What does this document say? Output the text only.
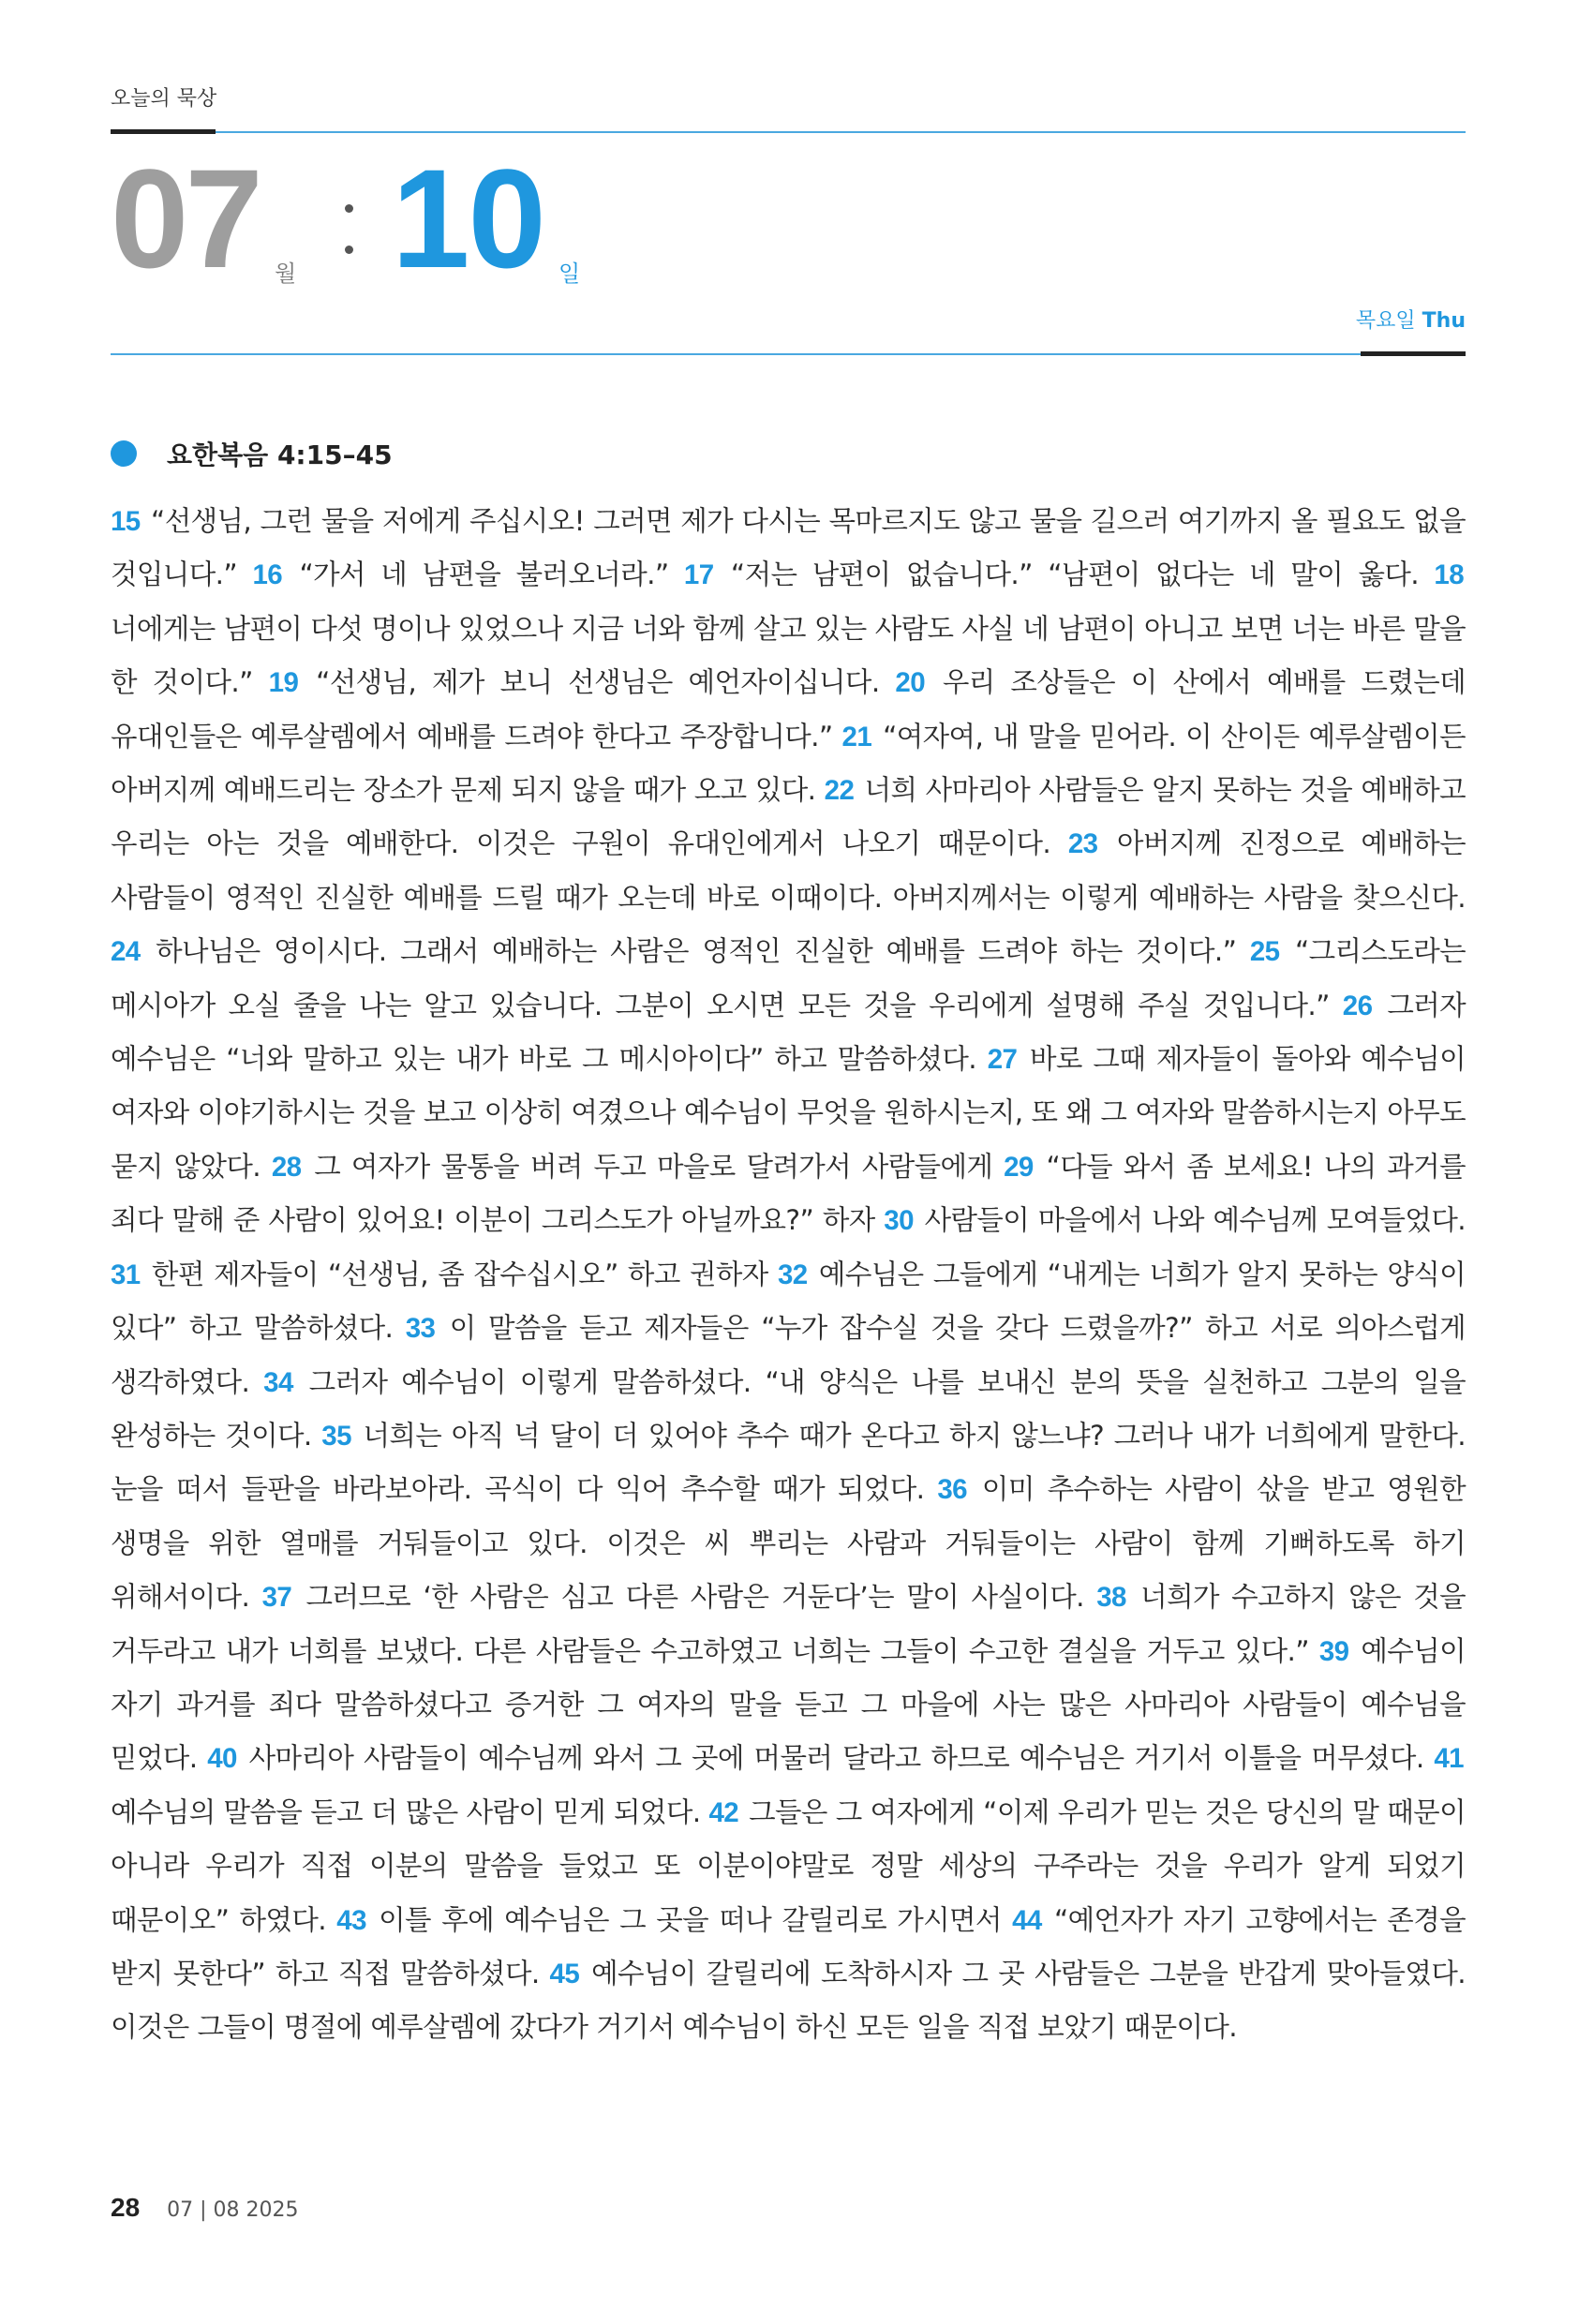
오늘의 묵상
07 월 10 일
목요일 Thu
요한복음 4:15–45
15 “선생님, 그런 물을 저에게 주십시오! 그러면 제가 다시는 목마르지도 않고 물을 길으러 여기까지 올 필요도 없을 것입니다.” 16 “가서 네 남편을 불러오너라.” 17 “저는 남편이 없습니다.” “남편이 없다는 네 말이 옳다. 18 너에게는 남편이 다섯 명이나 있었으나 지금 너와 함께 살고 있는 사람도 사실 네 남편이 아니고 보면 너는 바른 말을 한 것이다.” 19 “선생님, 제가 보니 선생님은 예언자이십니다. 20 우리 조상들은 이 산에서 예배를 드렸는데 유대인들은 예루살렘에서 예배를 드려야 한다고 주장합니다.” 21 “여자여, 내 말을 믿어라. 이 산이든 예루살렘이든 아버지께 예배드리는 장소가 문제 되지 않을 때가 오고 있다. 22 너희 사마리아 사람들은 알지 못하는 것을 예배하고 우리는 아는 것을 예배한다. 이것은 구원이 유대인에게서 나오기 때문이다. 23 아버지께 진정으로 예배하는 사람들이 영적인 진실한 예배를 드릴 때가 오는데 바로 이때이다. 아버지께서는 이렇게 예배하는 사람을 찾으신다. 24 하나님은 영이시다. 그래서 예배하는 사람은 영적인 진실한 예배를 드려야 하는 것이다.” 25 “그리스도라는 메시아가 오실 줄을 나는 알고 있습니다. 그분이 오시면 모든 것을 우리에게 설명해 주실 것입니다.” 26 그러자 예수님은 “너와 말하고 있는 내가 바로 그 메시아이다” 하고 말씀하셨다. 27 바로 그때 제자들이 돌아와 예수님이 여자와 이야기하시는 것을 보고 이상히 여겼으나 예수님이 무엇을 원하시는지, 또 왜 그 여자와 말씀하시는지 아무도 묻지 않았다. 28 그 여자가 물통을 버려 두고 마을로 달려가서 사람들에게 29 “다들 와서 좀 보세요! 나의 과거를 죄다 말해 준 사람이 있어요! 이분이 그리스도가 아닐까요?” 하자 30 사람들이 마을에서 나와 예수님께 모여들었다. 31 한편 제자들이 “선생님, 좀 잡수십시오” 하고 권하자 32 예수님은 그들에게 “내게는 너희가 알지 못하는 양식이 있다” 하고 말씀하셨다. 33 이 말씀을 듣고 제자들은 “누가 잡수실 것을 갖다 드렸을까?” 하고 서로 의아스럽게 생각하였다. 34 그러자 예수님이 이렇게 말씀하셨다. “내 양식은 나를 보내신 분의 뜻을 실천하고 그분의 일을 완성하는 것이다. 35 너희는 아직 넉 달이 더 있어야 추수 때가 온다고 하지 않느냐? 그러나 내가 너희에게 말한다. 눈을 떠서 들판을 바라보아라. 곡식이 다 익어 추수할 때가 되었다. 36 이미 추수하는 사람이 삯을 받고 영원한 생명을 위한 열매를 거둬들이고 있다. 이것은 씨 뿌리는 사람과 거둬들이는 사람이 함께 기뻐하도록 하기 위해서이다. 37 그러므로 ‘한 사람은 심고 다른 사람은 거둔다’는 말이 사실이다. 38 너희가 수고하지 않은 것을 거두라고 내가 너희를 보냈다. 다른 사람들은 수고하였고 너희는 그들이 수고한 결실을 거두고 있다.” 39 예수님이 자기 과거를 죄다 말씀하셨다고 증거한 그 여자의 말을 듣고 그 마을에 사는 많은 사마리아 사람들이 예수님을 믿었다. 40 사마리아 사람들이 예수님께 와서 그 곳에 머물러 달라고 하므로 예수님은 거기서 이틀을 머무셨다. 41 예수님의 말씀을 듣고 더 많은 사람이 믿게 되었다. 42 그들은 그 여자에게 “이제 우리가 믿는 것은 당신의 말 때문이 아니라 우리가 직접 이분의 말씀을 들었고 또 이분이야말로 정말 세상의 구주라는 것을 우리가 알게 되었기 때문이오” 하였다. 43 이틀 후에 예수님은 그 곳을 떠나 갈릴리로 가시면서 44 “예언자가 자기 고향에서는 존경을 받지 못한다” 하고 직접 말씀하셨다. 45 예수님이 갈릴리에 도착하시자 그 곳 사람들은 그분을 반갑게 맞아들였다. 이것은 그들이 명절에 예루살렘에 갔다가 거기서 예수님이 하신 모든 일을 직접 보았기 때문이다.
28 07 | 08 2025
